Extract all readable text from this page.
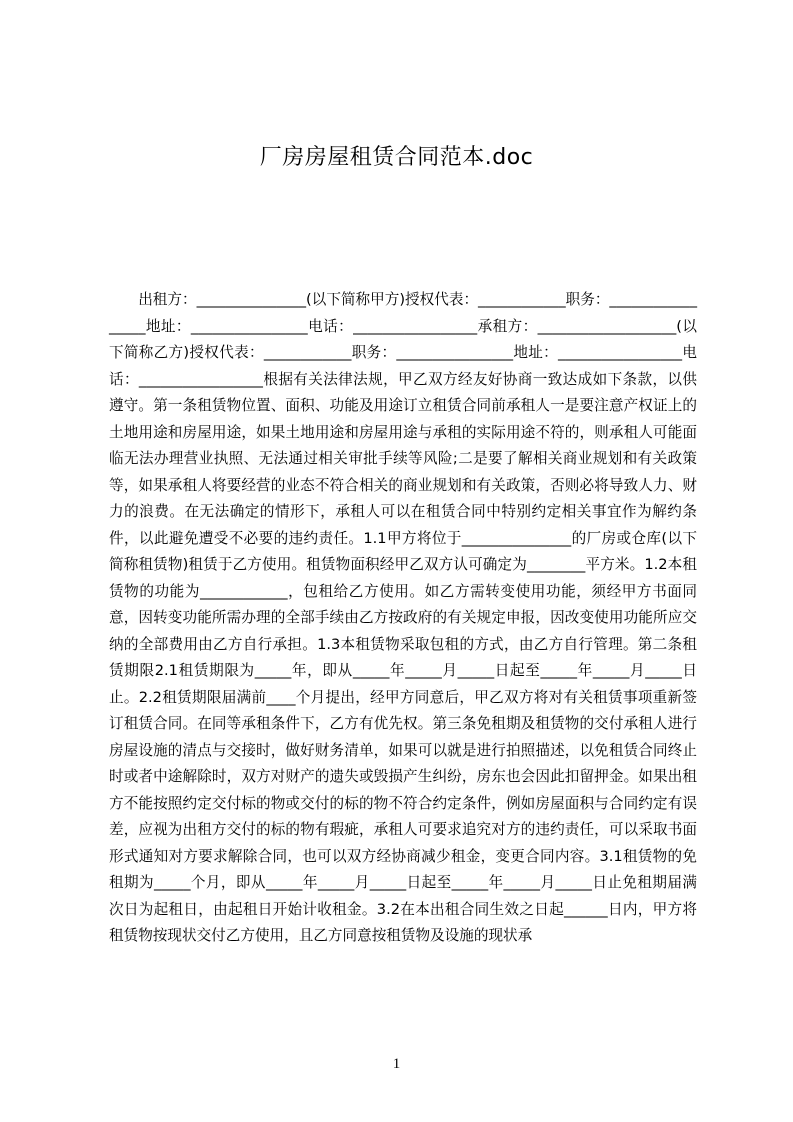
厂房房屋租赁合同范本.doc

出租方：_______________(以下简称甲方)授权代表：____________职务：_________________地址：________________电话：_________________承租方：___________________(以下简称乙方)授权代表：____________职务：________________地址：_________________电话：_________________根据有关法律法规，甲乙双方经友好协商一致达成如下条款，以供遵守。第一条租赁物位置、面积、功能及用途订立租赁合同前承租人一是要注意产权证上的土地用途和房屋用途，如果土地用途和房屋用途与承租的实际用途不符的，则承租人可能面临无法办理营业执照、无法通过相关审批手续等风险;二是要了解相关商业规划和有关政策等，如果承租人将要经营的业态不符合相关的商业规划和有关政策，否则必将导致人力、财力的浪费。在无法确定的情形下，承租人可以在租赁合同中特别约定相关事宜作为解约条件，以此避免遭受不必要的违约责任。1.1甲方将位于_______________的厂房或仓库(以下简称租赁物)租赁于乙方使用。租赁物面积经甲乙双方认可确定为________平方米。1.2本租赁物的功能为____________，包租给乙方使用。如乙方需转变使用功能，须经甲方书面同意，因转变功能所需办理的全部手续由乙方按政府的有关规定申报，因改变使用功能所应交纳的全部费用由乙方自行承担。1.3本租赁物采取包租的方式，由乙方自行管理。第二条租赁期限2.1租赁期限为_____年，即从_____年_____月_____日起至_____年_____月_____日止。2.2租赁期限届满前____个月提出，经甲方同意后，甲乙双方将对有关租赁事项重新签订租赁合同。在同等承租条件下，乙方有优先权。第三条免租期及租赁物的交付承租人进行房屋设施的清点与交接时，做好财务清单，如果可以就是进行拍照描述，以免租赁合同终止时或者中途解除时，双方对财产的遗失或毁损产生纠纷，房东也会因此扣留押金。如果出租方不能按照约定交付标的物或交付的标的物不符合约定条件，例如房屋面积与合同约定有误差，应视为出租方交付的标的物有瑕疵，承租人可要求追究对方的违约责任，可以采取书面形式通知对方要求解除合同，也可以双方经协商减少租金，变更合同内容。3.1租赁物的免租期为_____个月，即从_____年_____月_____日起至_____年_____月_____日止免租期届满次日为起租日，由起租日开始计收租金。3.2在本出租合同生效之日起______日内，甲方将租赁物按现状交付乙方使用，且乙方同意按租赁物及设施的现状承

1
